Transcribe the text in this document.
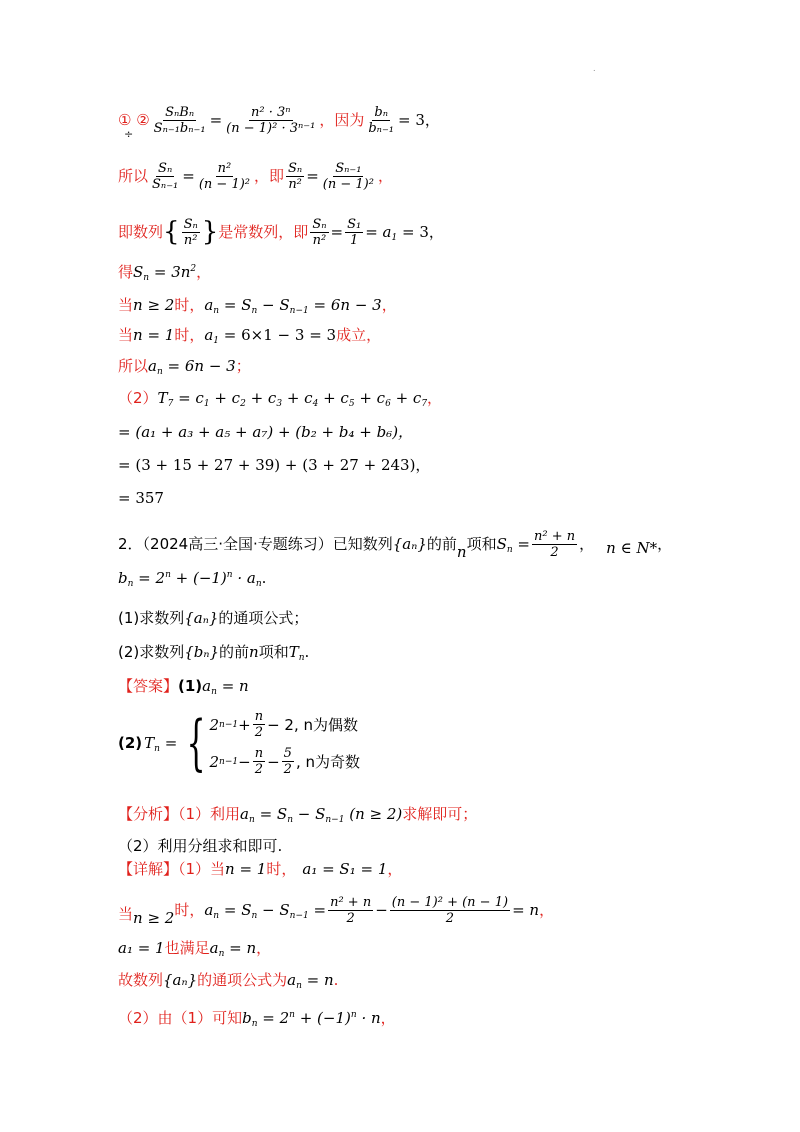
.
① ② $\frac{\text{SₙBₙ}}{\text{Sₙ₋₁bₙ₋₁}} = \frac{\text{n² · 3ⁿ}}{\text{(n − 1)² · 3ⁿ⁻¹}}$ ，因为 $\frac{\text{bₙ}}{\text{bₙ₋₁}} = 3$，
÷
所以 $\frac{\text{Sₙ}}{\text{Sₙ₋₁}} = \frac{\text{n²}}{\text{(n − 1)²}}$ ，即 $\frac{\text{Sₙ}}{\text{n²}} = \frac{\text{Sₙ₋₁}}{\text{(n − 1)²}}$ ，
即数列 { $\frac{\text{Sₙ}}{\text{n²}}$ } 是常数列，即 $\frac{\text{Sₙ}}{\text{n²}} = \frac{\text{S₁}}{1} = a_1 = 3$，
得 $S_n = 3n^2$ ，
当 n ≥ 2 时， $a_n = S_n - S_{n-1} = 6n - 3$ ，
当 n = 1 时， $a_1 = 6\times 1 - 3 = 3$ 成立，
所以 $a_n = 6n - 3$ ；
（2） $T_7 = c_1 + c_2 + c_3 + c_4 + c_5 + c_6 + c_7$ ，
= (a₁ + a₃ + a₅ + a₇) + (b₂ + b₄ + b₆)，
= (3 + 15 + 27 + 39) + (3 + 27 + 243)，
= 357
2．（2024高三·全国·专题练习）已知数列 {aₙ} 的前 n 项和 $S_n = \frac{\text{n² + n}}{2}$ ， n ∈ N* ，
$b_n = 2^n + (-1)^n \cdot a_n$ .
(1)求数列 {aₙ} 的通项公式；
(2)求数列 {bₙ} 的前 n 项和 $T_n$ .
【答案】 (1) $a_n = n$
(2) $T_n$ = { 2 $n-1 + \frac{n}{2} - 2$, n为偶数
2 $n-1 - \frac{n}{2} - \frac{5}{2}$ , n为奇数
【分析】（1）利用 $a_n = S_n - S_{n-1}$ (n ≥ 2) 求解即可；
（2）利用分组求和即可.
【详解】（1）当 n = 1 时， a₁ = S₁ = 1 ，
当 n ≥ 2 时， $a_n = S_n - S_{n-1} = \frac{\text{n² + n}}{2} - \frac{\text{(n − 1)² + (n − 1)}}{2} = n$ ，
a₁ = 1 也满足 $a_n = n$ ，
故数列 {aₙ} 的通项公式为 $a_n = n$ .
（2）由（1）可知 $b_n = 2^n + (-1)^n \cdot n$ ，
